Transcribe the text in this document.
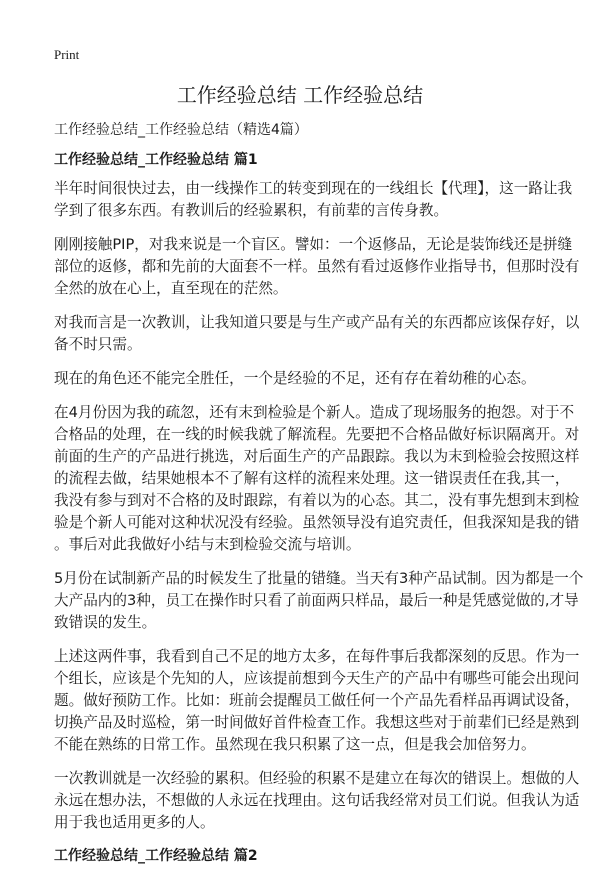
Print
工作经验总结 工作经验总结
工作经验总结_工作经验总结（精选4篇）
工作经验总结_工作经验总结 篇1
半年时间很快过去，由一线操作工的转变到现在的一线组长【代理】，这一路让我
学到了很多东西。有教训后的经验累积，有前辈的言传身教。
刚刚接触PIP，对我来说是一个盲区。譬如：一个返修品，无论是装饰线还是拼缝
部位的返修，都和先前的大面套不一样。虽然有看过返修作业指导书，但那时没有
全然的放在心上，直至现在的茫然。
对我而言是一次教训，让我知道只要是与生产或产品有关的东西都应该保存好，以
备不时只需。
现在的角色还不能完全胜任，一个是经验的不足，还有存在着幼稚的心态。
在4月份因为我的疏忽，还有末到检验是个新人。造成了现场服务的抱怨。对于不
合格品的处理，在一线的时候我就了解流程。先要把不合格品做好标识隔离开。对
前面的生产的产品进行挑选，对后面生产的产品跟踪。我以为末到检验会按照这样
的流程去做，结果她根本不了解有这样的流程来处理。这一错误责任在我,其一，
我没有参与到对不合格的及时跟踪，有着以为的心态。其二，没有事先想到末到检
验是个新人可能对这种状况没有经验。虽然领导没有追究责任，但我深知是我的错
。事后对此我做好小结与末到检验交流与培训。
5月份在试制新产品的时候发生了批量的错缝。当天有3种产品试制。因为都是一个
大产品内的3种，员工在操作时只看了前面两只样品，最后一种是凭感觉做的,才导
致错误的发生。
上述这两件事，我看到自己不足的地方太多，在每件事后我都深刻的反思。作为一
个组长，应该是个先知的人，应该提前想到今天生产的产品中有哪些可能会出现问
题。做好预防工作。比如：班前会提醒员工做任何一个产品先看样品再调试设备，
切换产品及时巡检，第一时间做好首件检查工作。我想这些对于前辈们已经是熟到
不能在熟练的日常工作。虽然现在我只积累了这一点，但是我会加倍努力。
一次教训就是一次经验的累积。但经验的积累不是建立在每次的错误上。想做的人
永远在想办法，不想做的人永远在找理由。这句话我经常对员工们说。但我认为适
用于我也适用更多的人。
工作经验总结_工作经验总结 篇2
